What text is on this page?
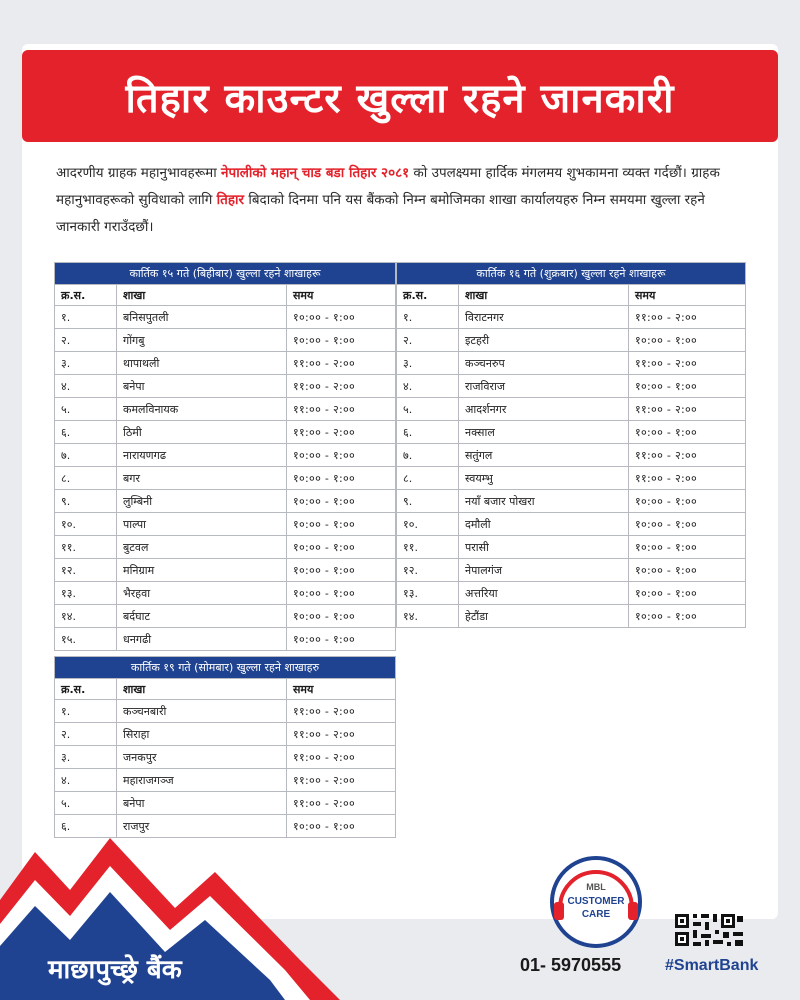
तिहार काउन्टर खुल्ला रहने जानकारी

आदरणीय ग्राहक महानुभावहरूमा नेपालीको महान् चाड बडा तिहार २०८१ को उपलक्ष्यमा हार्दिक मंगलमय शुभकामना व्यक्त गर्दछौं। ग्राहक महानुभावहरूको सुविधाको लागि तिहार बिदाको दिनमा पनि यस बैंकको निम्न बमोजिमका शाखा कार्यालयहरु निम्न समयमा खुल्ला रहने जानकारी गराउँदछौं।

कार्तिक १५ गते (बिहीबार) खुल्ला रहने शाखाहरू		
क्र.स.	शाखा	समय
१.	बनिसपुतली	१०:०० - १:००
२.	गोंगबु	१०:०० - १:००
३.	थापाथली	११:०० - २:००
४.	बनेपा	११:०० - २:००
५.	कमलविनायक	११:०० - २:००
६.	ठिमी	११:०० - २:००
७.	नारायणगढ	१०:०० - १:००
८.	बगर	१०:०० - १:००
९.	लुम्बिनी	१०:०० - १:००
१०.	पाल्पा	१०:०० - १:००
११.	बुटवल	१०:०० - १:००
१२.	मनिग्राम	१०:०० - १:००
१३.	भैरहवा	१०:०० - १:००
१४.	बर्दघाट	१०:०० - १:००
१५.	धनगढी	१०:०० - १:००
कार्तिक १६ गते (शुक्रबार) खुल्ला रहने शाखाहरू		
क्र.स.	शाखा	समय
१.	विराटनगर	११:०० - २:००
२.	इटहरी	१०:०० - १:००
३.	कञ्चनरुप	११:०० - २:००
४.	राजविराज	१०:०० - १:००
५.	आदर्शनगर	११:०० - २:००
६.	नक्साल	१०:०० - १:००
७.	सतुंगल	११:०० - २:००
८.	स्वयम्भु	११:०० - २:००
९.	नयाँ बजार पोखरा	१०:०० - १:००
१०.	दमौली	१०:०० - १:००
११.	परासी	१०:०० - १:००
१२.	नेपालगंज	१०:०० - १:००
१३.	अत्तरिया	१०:०० - १:००
१४.	हेटौंडा	१०:०० - १:००
कार्तिक १९ गते (सोमबार) खुल्ला रहने शाखाहरु		
क्र.स.	शाखा	समय
१.	कञ्चनबारी	११:०० - २:००
२.	सिराहा	११:०० - २:००
३.	जनकपुर	११:०० - २:००
४.	महाराजगञ्ज	११:०० - २:००
५.	बनेपा	११:०० - २:००
६.	राजपुर	१०:०० - १:००
माछापुच्छ्रे बैंक
MBL
CUSTOMER
CARE
01- 5970555	#SmartBank
